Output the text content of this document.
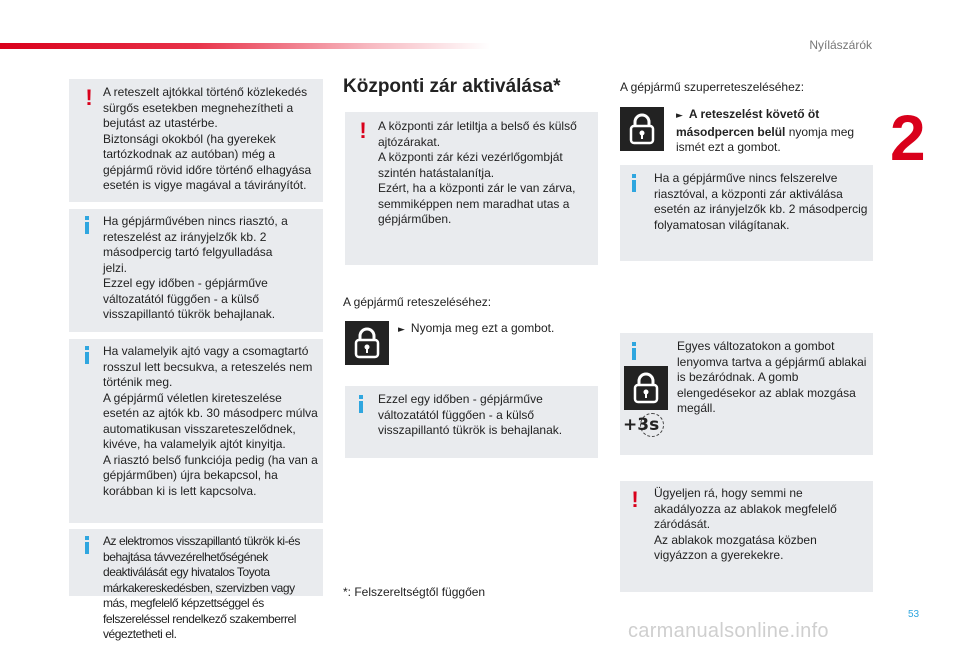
Nyílászárók
2
! A reteszelt ajtókkal történő közlekedés sürgős esetekben megnehezítheti a bejutást az utastérbe.
Biztonsági okokból (ha gyerekek tartózkodnak az autóban) még a gépjármű rövid időre történő elhagyása esetén is vigye magával a távirányítót.
Ha gépjárművében nincs riasztó, a reteszelést az irányjelzők kb. 2 másodpercig tartó felgyulladása jelzi.
Ezzel egy időben - gépjárműve változatától függően - a külső visszapillantó tükrök behajlanak.
Ha valamelyik ajtó vagy a csomagtartó rosszul lett becsukva, a reteszelés nem történik meg.
A gépjármű véletlen kireteszelése esetén az ajtók kb. 30 másodperc múlva automatikusan visszareteszelődnek, kivéve, ha valamelyik ajtót kinyitja.
A riasztó belső funkciója pedig (ha van a gépjárműben) újra bekapcsol, ha korábban ki is lett kapcsolva.
Az elektromos visszapillantó tükrök ki-és behajtása távvezérelhetőségének deaktiválását egy hivatalos Toyota márkakereskedésben, szervizben vagy más, megfelelő képzettséggel és felszereléssel rendelkező szakemberrel végeztetheti el.
Központi zár aktiválása*
! A központi zár letiltja a belső és külső ajtózárakat.
A központi zár kézi vezérlőgombját szintén hatástalanítja.
Ezért, ha a központi zár le van zárva, semmiképpen nem maradhat utas a gépjárműben.
A gépjármű reteszeléséhez:
► Nyomja meg ezt a gombot.
Ezzel egy időben - gépjárműve változatától függően - a külső visszapillantó tükrök is behajlanak.
*: Felszereltségtől függően
A gépjármű szuperreteszeléséhez:
► A reteszelést követő öt másodpercen belül nyomja meg ismét ezt a gombot.
Ha a gépjárműve nincs felszerelve riasztóval, a központi zár aktiválása esetén az irányjelzők kb. 2 másodpercig folyamatosan világítanak.
+3s
Egyes változatokon a gombot lenyomva tartva a gépjármű ablakai is bezáródnak. A gomb elengedésekor az ablak mozgása megáll.
! Ügyeljen rá, hogy semmi ne akadályozza az ablakok megfelelő záródását.
Az ablakok mozgatása közben vigyázzon a gyerekekre.
53
carmanualsonline.info
